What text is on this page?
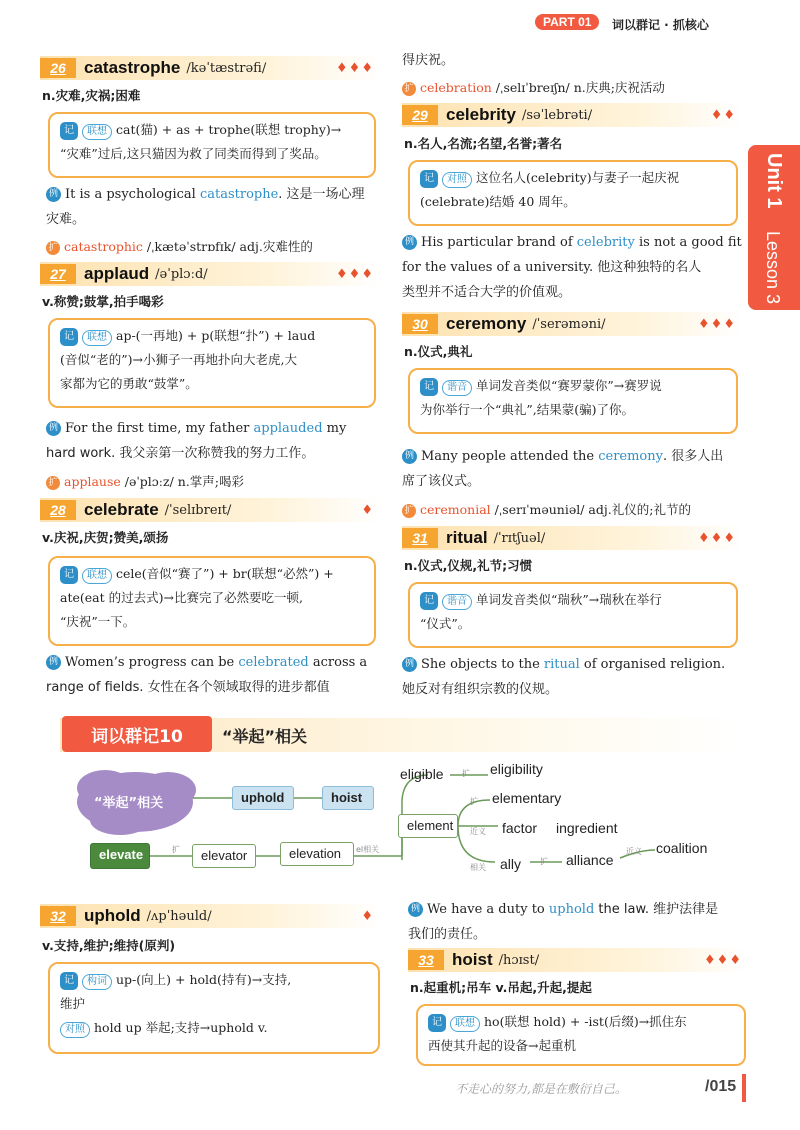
PART 01	词以群记 · 抓核心
Unit 1
Lesson 3
26	catastrophe /kəˈtæstrəfi/	♦♦♦
n.灾难,灾祸;困难
记 联想 cat(猫) + as + trophe(联想 trophy)→
“灾难”过后,这只猫因为救了同类而得到了奖品。
例 It is a psychological catastrophe. 这是一场心理
灾难。
扩 catastrophic /ˌkætəˈstrɒfɪk/ adj.灾难性的
27	applaud /əˈplɔːd/	♦♦♦
v.称赞;鼓掌,拍手喝彩
记 联想 ap-(一再地) + p(联想“扑”) + laud
(音似“老的”)→小狮子一再地扑向大老虎,大
家都为它的勇敢“鼓掌”。
例 For the first time, my father applauded my
hard work. 我父亲第一次称赞我的努力工作。
扩 applause /əˈplɔːz/ n.掌声;喝彩
28	celebrate /ˈselɪbreɪt/	♦
v.庆祝,庆贺;赞美,颂扬
记 联想 cele(音似“赛了”) + br(联想“必然”) +
ate(eat 的过去式)→比赛完了必然要吃一顿,
“庆祝”一下。
例 Women’s progress can be celebrated across a
range of fields. 女性在各个领域取得的进步都值
得庆祝。
扩 celebration /ˌselɪˈbreɪʃn/ n.庆典;庆祝活动
29	celebrity /səˈlebrəti/	♦♦
n.名人,名流;名望,名誉;著名
记 对照 这位名人(celebrity)与妻子一起庆祝
(celebrate)结婚 40 周年。
例 His particular brand of celebrity is not a good fit
for the values of a university. 他这种独特的名人
类型并不适合大学的价值观。
30	ceremony /ˈserəməni/	♦♦♦
n.仪式,典礼
记 谐音 单词发音类似“赛罗蒙你”→赛罗说
为你举行一个“典礼”,结果蒙(骗)了你。
例 Many people attended the ceremony. 很多人出
席了该仪式。
扩 ceremonial /ˌserɪˈməuniəl/ adj.礼仪的;礼节的
31	ritual /ˈrɪtʃuəl/	♦♦♦
n.仪式,仪规,礼节;习惯
记 谐音 单词发音类似“瑞秋”→瑞秋在举行
“仪式”。
例 She objects to the ritual of organised religion.
她反对有组织宗教的仪规。
词以群记10	“举起”相关
“举起”相关	uphold	hoist
elevate	elevator	elevation
element
eligible	eligibility
elementary
factor ingredient
ally	alliance
coalition
扩	el相关
扩
扩
近义
相关
扩
近义
32	uphold /ʌpˈhəuld/	♦
v.支持,维护;维持(原判)
记 构词 up-(向上) + hold(持有)→支持,
维护
对照 hold up 举起;支持→uphold v.
例 We have a duty to uphold the law. 维护法律是
我们的责任。
33	hoist /hɔɪst/	♦♦♦
n.起重机;吊车 v.吊起,升起,提起
记 联想 ho(联想 hold) + -ist(后缀)→抓住东
西使其升起的设备→起重机
不走心的努力,都是在敷衍自己。	/015
